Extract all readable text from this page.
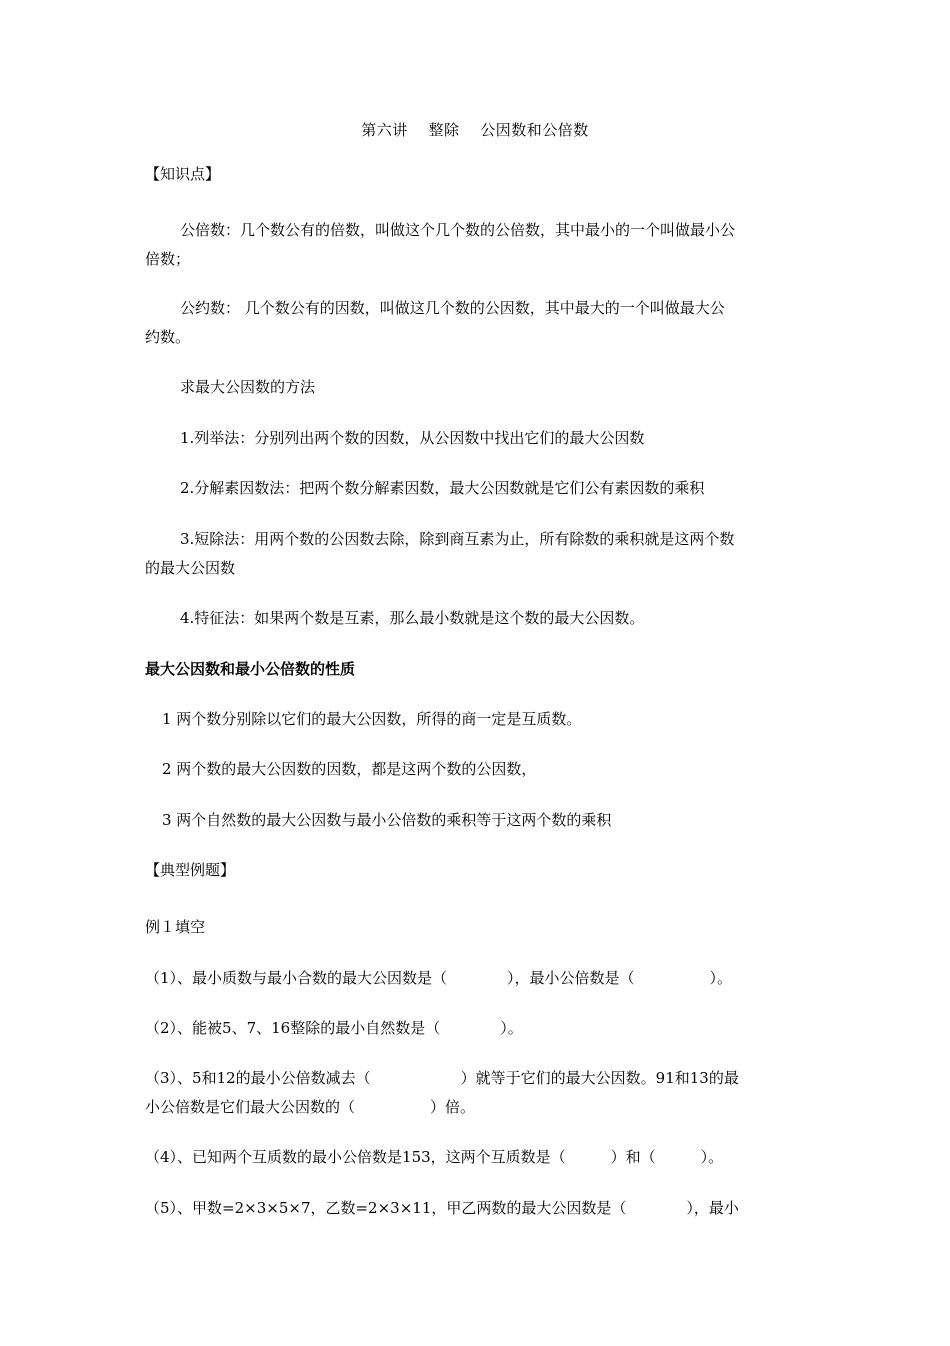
第六讲　 整除　 公因数和公倍数
【知识点】
公倍数：几个数公有的倍数，叫做这个几个数的公倍数，其中最小的一个叫做最小公
倍数；
公约数： 几个数公有的因数，叫做这几个数的公因数，其中最大的一个叫做最大公
约数。
求最大公因数的方法
1.列举法：分别列出两个数的因数，从公因数中找出它们的最大公因数
2.分解素因数法：把两个数分解素因数，最大公因数就是它们公有素因数的乘积
3.短除法：用两个数的公因数去除，除到商互素为止，所有除数的乘积就是这两个数
的最大公因数
4.特征法：如果两个数是互素，那么最小数就是这个数的最大公因数。
最大公因数和最小公倍数的性质
1 两个数分别除以它们的最大公因数，所得的商一定是互质数。
2 两个数的最大公因数的因数，都是这两个数的公因数，
3 两个自然数的最大公因数与最小公倍数的乘积等于这两个数的乘积
【典型例题】
例１填空
（1）、最小质数与最小合数的最大公因数是（　　　　），最小公倍数是（　　　　　）。
（2）、能被5、7、16整除的最小自然数是（　　　　）。
（3）、5和12的最小公倍数减去（　　　　　　）就等于它们的最大公因数。91和13的最
小公倍数是它们最大公因数的（　　　　　）倍。
（4）、已知两个互质数的最小公倍数是153，这两个互质数是（　　　）和（　　　）。
（5）、甲数=2×3×5×7，乙数=2×3×11，甲乙两数的最大公因数是（　　　　），最小
